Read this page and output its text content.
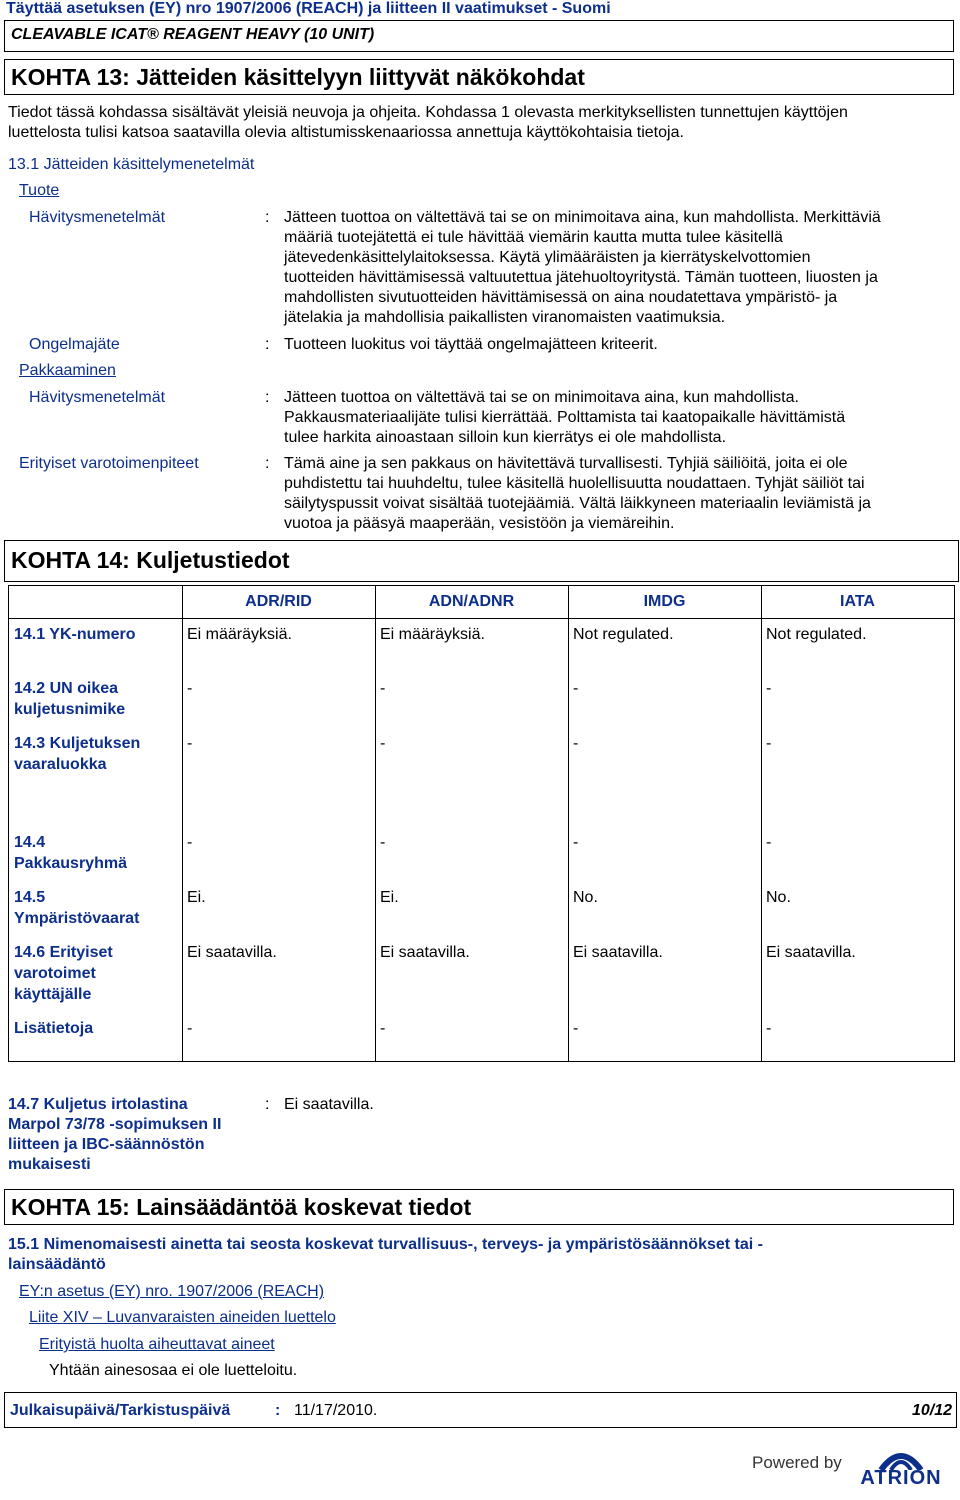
Täyttää asetuksen (EY) nro 1907/2006 (REACH) ja liitteen II vaatimukset - Suomi
CLEAVABLE ICAT® REAGENT HEAVY (10 UNIT)
KOHTA 13: Jätteiden käsittelyyn liittyvät näkökohdat
Tiedot tässä kohdassa sisältävät yleisiä neuvoja ja ohjeita. Kohdassa 1 olevasta merkityksellisten tunnettujen käyttöjen
luettelosta tulisi katsoa saatavilla olevia altistumisskenaariossa annettuja käyttökohtaisia tietoja.
13.1 Jätteiden käsittelymenetelmät
Tuote
Hävitysmenetelmät	: Jätteen tuottoa on vältettävä tai se on minimoitava aina, kun mahdollista. Merkittäviä
määriä tuotejätettä ei tule hävittää viemärin kautta mutta tulee käsitellä
jätevedenkäsittelylaitoksessa. Käytä ylimääräisten ja kierrätyskelvottomien
tuotteiden hävittämisessä valtuutettua jätehuoltoyritystä. Tämän tuotteen, liuosten ja
mahdollisten sivutuotteiden hävittämisessä on aina noudatettava ympäristö- ja
jätelakia ja mahdollisia paikallisten viranomaisten vaatimuksia.
Ongelmajäte	: Tuotteen luokitus voi täyttää ongelmajätteen kriteerit.
Pakkaaminen
Hävitysmenetelmät	: Jätteen tuottoa on vältettävä tai se on minimoitava aina, kun mahdollista.
Pakkausmateriaalijäte tulisi kierrättää. Polttamista tai kaatopaikalle hävittämistä
tulee harkita ainoastaan silloin kun kierrätys ei ole mahdollista.
Erityiset varotoimenpiteet	: Tämä aine ja sen pakkaus on hävitettävä turvallisesti. Tyhjiä säiliöitä, joita ei ole
puhdistettu tai huuhdeltu, tulee käsitellä huolellisuutta noudattaen. Tyhjät säiliöt tai
säilytyspussit voivat sisältää tuotejäämiä. Vältä läikkyneen materiaalin leviämistä ja
vuotoa ja pääsyä maaperään, vesistöön ja viemäreihin.
KOHTA 14: Kuljetustiedot
ADR/RID	ADN/ADNR	IMDG	IATA
14.1 YK-numero	Ei määräyksiä.	Ei määräyksiä.	Not regulated.	Not regulated.
14.2 UN oikea
kuljetusnimike
-	-	-	-
14.3 Kuljetuksen
vaaraluokka
-	-	-	-
14.4
Pakkausryhmä
-	-	-	-
14.5
Ympäristövaarat
Ei.	Ei.	No.	No.
14.6 Erityiset
varotoimet
käyttäjälle
Ei saatavilla.	Ei saatavilla.	Ei saatavilla.	Ei saatavilla.
Lisätietoja	-	-	-	-
14.7 Kuljetus irtolastina
Marpol 73/78 -sopimuksen II
liitteen ja IBC-säännöstön
mukaisesti
: Ei saatavilla.
KOHTA 15: Lainsäädäntöä koskevat tiedot
15.1 Nimenomaisesti ainetta tai seosta koskevat turvallisuus-, terveys- ja ympäristösäännökset tai -
lainsäädäntö
EY:n asetus (EY) nro. 1907/2006 (REACH)
Liite XIV – Luvanvaraisten aineiden luettelo
Erityistä huolta aiheuttavat aineet
Yhtään ainesosaa ei ole luetteloitu.
Julkaisupäivä/Tarkistuspäivä	: 11/17/2010.	10/12
Powered by
ATRION
